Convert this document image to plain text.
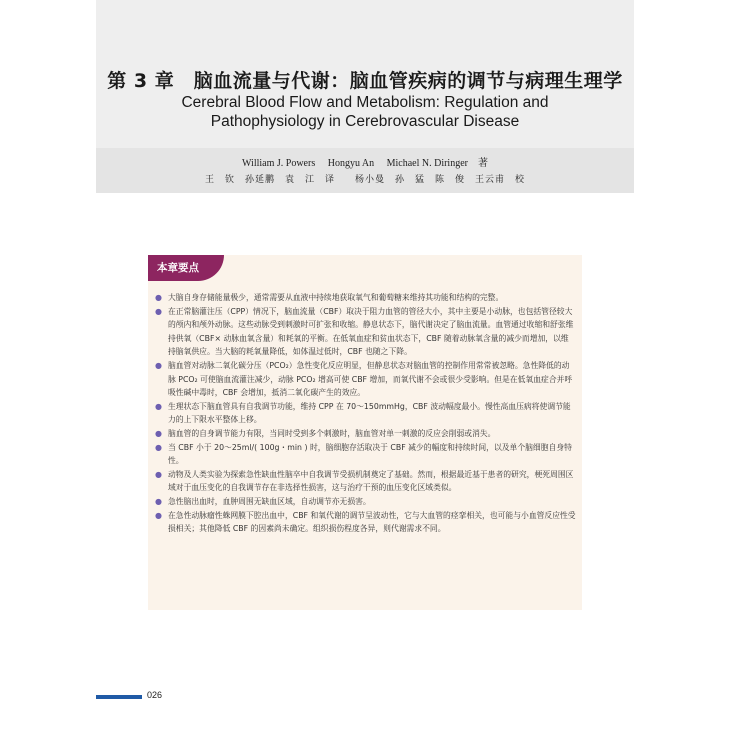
第 3 章　脑血流量与代谢：脑血管疾病的调节与病理生理学
Cerebral Blood Flow and Metabolism: Regulation and
Pathophysiology in Cerebrovascular Disease
William J. Powers　 Hongyu An　 Michael N. Diringer　著
王　钦　孙延鹏　袁　江　译　　杨小曼　孙　猛　陈　俊　王云甫　校
本章要点
● 大脑自身存储能量极少，通常需要从血液中持续地获取氧气和葡萄糖来维持其功能和结构的完整。
● 在正常脑灌注压（CPP）情况下，脑血流量（CBF）取决于阻力血管的管径大小，其中主要是小动脉，也包括管径较大的颅内和颅外动脉。这些动脉受到刺激时可扩张和收缩。静息状态下，脑代谢决定了脑血流量。血管通过收缩和舒张维持供氧（CBF× 动脉血氧含量）和耗氧的平衡。在低氧血症和贫血状态下，CBF 随着动脉氧含量的减少而增加，以维持脑氧供应。当大脑的耗氧量降低，如体温过低时，CBF 也随之下降。
● 脑血管对动脉二氧化碳分压（PCO₂）急性变化反应明显，但静息状态对脑血管的控制作用常常被忽略。急性降低的动脉 PCO₂ 可使脑血流灌注减少，动脉 PCO₂ 增高可使 CBF 增加，而氧代谢不会或很少受影响。但是在低氧血症合并呼吸性碱中毒时，CBF 会增加，抵消二氧化碳产生的效应。
● 生理状态下脑血管具有自我调节功能，维持 CPP 在 70～150mmHg，CBF 波动幅度最小。慢性高血压病将使调节能力的上下限水平整体上移。
● 脑血管的自身调节能力有限，当同时受到多个刺激时，脑血管对单一刺激的反应会削弱或消失。
● 当 CBF 小于 20～25ml/( 100g・min ) 时，脑细胞存活取决于 CBF 减少的幅度和持续时间，以及单个脑细胞自身特性。
● 动物及人类实验为探索急性缺血性脑卒中自我调节受损机制奠定了基础。然而，根据最近基于患者的研究，梗死周围区域对于血压变化的自我调节存在非选择性损害，这与治疗干预的血压变化区域类似。
● 急性脑出血时，血肿周围无缺血区域，自动调节亦无损害。
● 在急性动脉瘤性蛛网膜下腔出血中，CBF 和氧代谢的调节呈波动性，它与大血管的痉挛相关，也可能与小血管反应性受损相关；其他降低 CBF 的因素尚未确定。组织损伤程度各异，则代谢需求不同。
026
